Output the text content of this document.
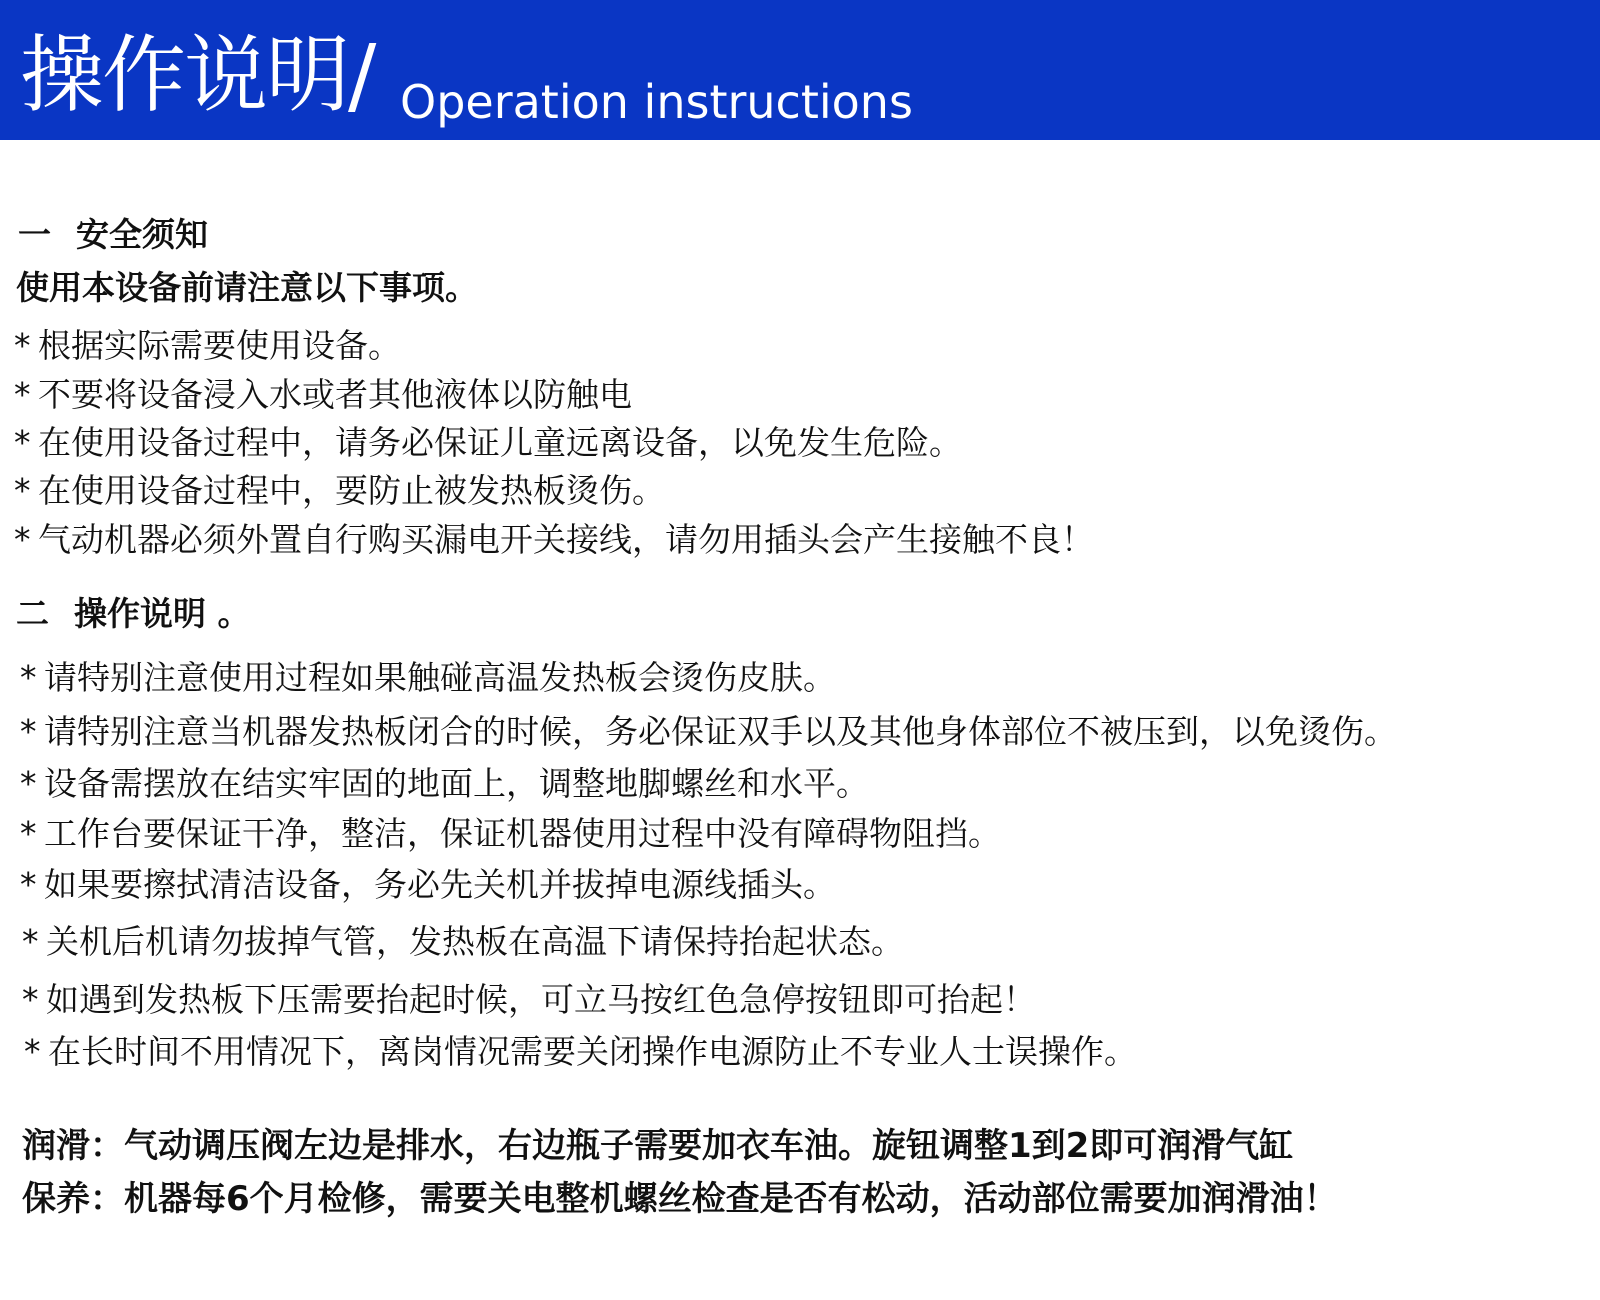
操作说明/ Operation instructions
一 安全须知
使用本设备前请注意以下事项。
* 根据实际需要使用设备。
* 不要将设备浸入水或者其他液体以防触电
* 在使用设备过程中，请务必保证儿童远离设备，以免发生危险。
* 在使用设备过程中，要防止被发热板烫伤。
* 气动机器必须外置自行购买漏电开关接线，请勿用插头会产生接触不良！
二 操作说明 。
* 请特别注意使用过程如果触碰高温发热板会烫伤皮肤。
* 请特别注意当机器发热板闭合的时候，务必保证双手以及其他身体部位不被压到，以免烫伤。
* 设备需摆放在结实牢固的地面上，调整地脚螺丝和水平。
* 工作台要保证干净，整洁，保证机器使用过程中没有障碍物阻挡。
* 如果要擦拭清洁设备，务必先关机并拔掉电源线插头。
* 关机后机请勿拔掉气管，发热板在高温下请保持抬起状态。
* 如遇到发热板下压需要抬起时候，可立马按红色急停按钮即可抬起！
* 在长时间不用情况下，离岗情况需要关闭操作电源防止不专业人士误操作。
润滑：气动调压阀左边是排水，右边瓶子需要加衣车油。旋钮调整1到2即可润滑气缸
保养：机器每6个月检修，需要关电整机螺丝检查是否有松动，活动部位需要加润滑油！
